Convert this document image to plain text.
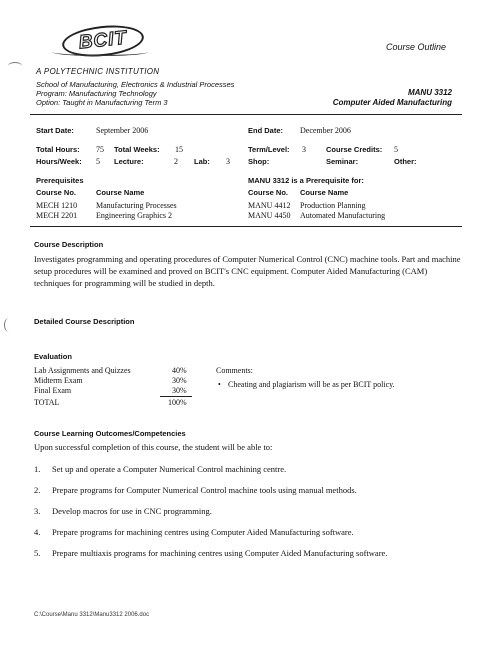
BCIT	Course Outline
A POLYTECHNIC INSTITUTION
School of Manufacturing, Electronics & Industrial Processes
Program: Manufacturing Technology
Option: Taught in Manufacturing Term 3
MANU 3312
Computer Aided Manufacturing
Start Date:	September 2006	End Date: December 2006
Total Hours: 75 Total Weeks: 15	Term/Level: 3	Course Credits: 5
Hours/Week: 5 Lecture:	2 Lab: 3 Shop:	Seminar:	Other:
Prerequisites
Course No.	Course Name
MECH 1210 Manufacturing Processes
MECH 2201 Engineering Graphics 2
MANU 3312 is a Prerequisite for:
Course No. Course Name
MANU 4412 Production Planning
MANU 4450 Automated Manufacturing
Course Description
Investigates programming and operating procedures of Computer Numerical Control (CNC) machine tools. Part and machine setup procedures will be examined and proved on BCIT's CNC equipment. Computer Aided Manufacturing (CAM) techniques for programming will be studied in depth.
Detailed Course Description
Evaluation
Lab Assignments and Quizzes	40%
Midterm Exam	30%
Final Exam	30%
TOTAL	100%
Comments:
• Cheating and plagiarism will be as per BCIT policy.
Course Learning Outcomes/Competencies
Upon successful completion of this course, the student will be able to:
1. Set up and operate a Computer Numerical Control machining centre.
2. Prepare programs for Computer Numerical Control machine tools using manual methods.
3. Develop macros for use in CNC programming.
4. Prepare programs for machining centres using Computer Aided Manufacturing software.
5. Prepare multiaxis programs for machining centres using Computer Aided Manufacturing software.
C:\Course\Manu 3312\Manu3312 2006.doc
